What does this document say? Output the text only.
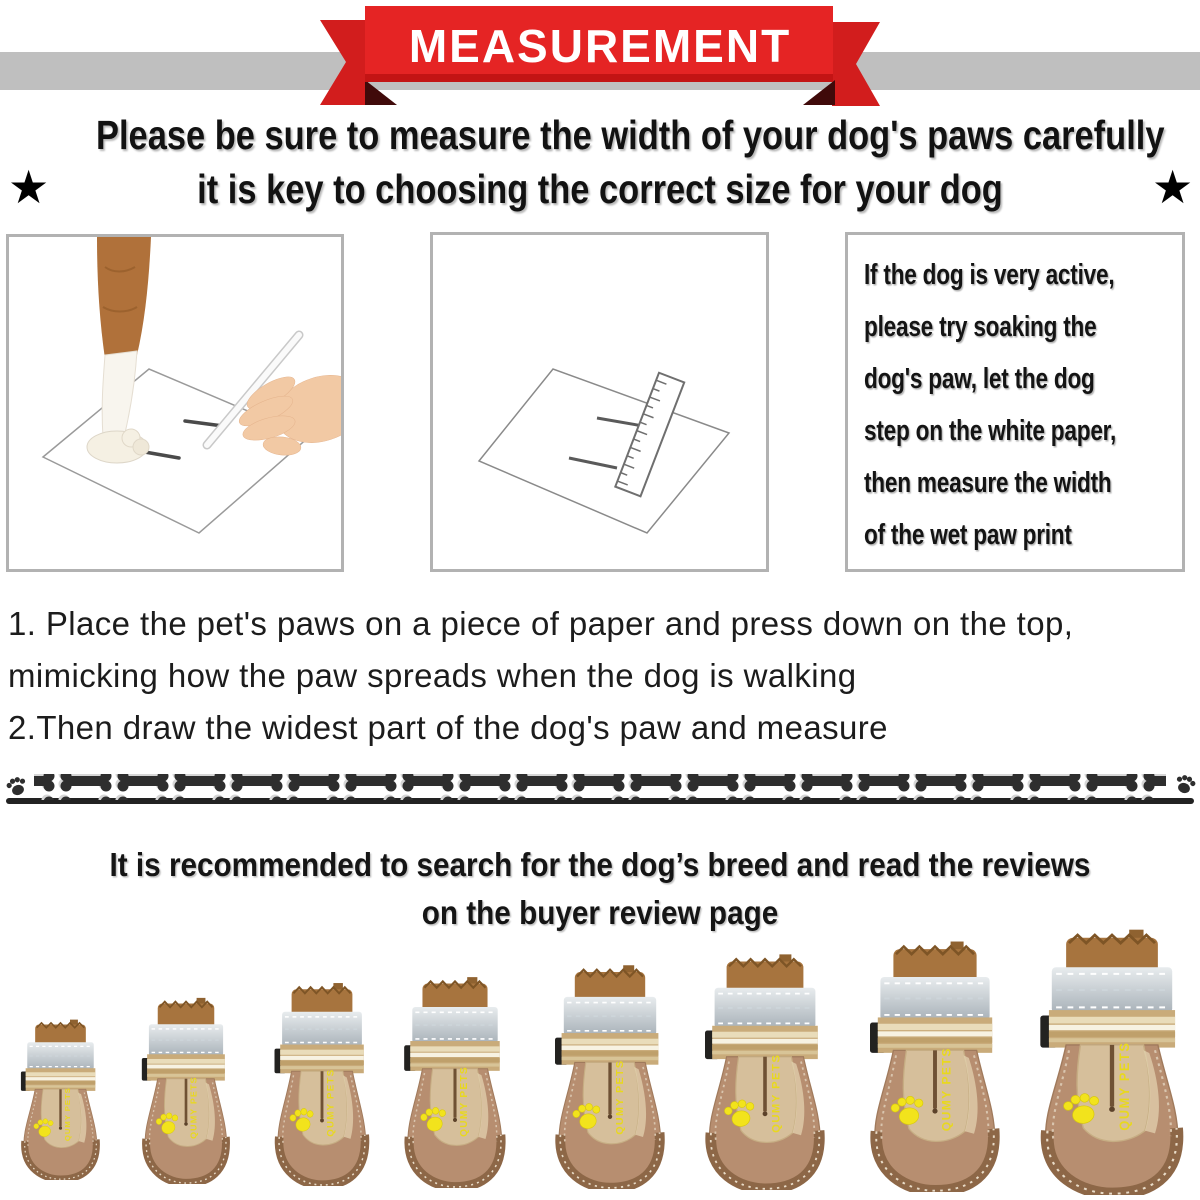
MEASUREMENT
Please be sure to measure the width of your dog's paws carefully
it is key to choosing the correct size for your dog
★	★
If the dog is very active,
please try soaking the
dog's paw, let the dog
step on the white paper,
then measure the width
of the wet paw print
1. Place the pet's paws on a piece of paper and press down on the top,
mimicking how the paw spreads when the dog is walking
2.Then draw the widest part of the dog's paw and measure
It is recommended to search for the dog’s breed and read the reviews
on the buyer review page
